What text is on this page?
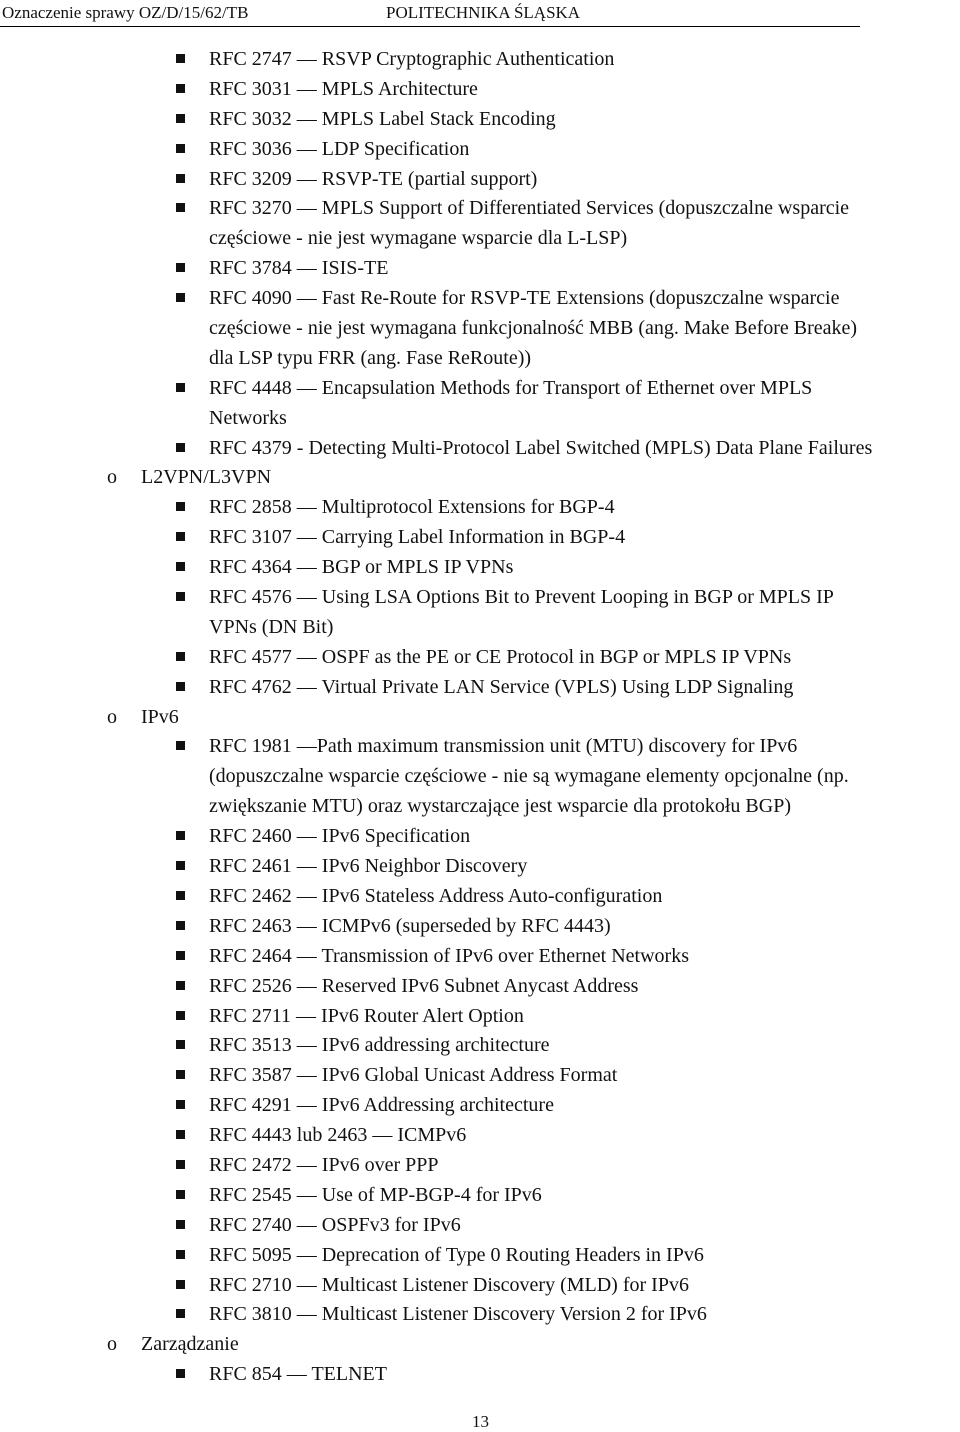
Oznaczenie sprawy OZ/D/15/62/TB	POLITECHNIKA ŚLĄSKA
RFC 2747 — RSVP Cryptographic Authentication
RFC 3031 — MPLS Architecture
RFC 3032 — MPLS Label Stack Encoding
RFC 3036 — LDP Specification
RFC 3209 — RSVP-TE (partial support)
RFC 3270 — MPLS Support of Differentiated Services (dopuszczalne wsparcie
częściowe - nie jest wymagane wsparcie dla L-LSP)
RFC 3784 — ISIS-TE
RFC 4090 — Fast Re-Route for RSVP-TE Extensions (dopuszczalne wsparcie
częściowe - nie jest wymagana funkcjonalność MBB (ang. Make Before Breake)
dla LSP typu FRR (ang. Fase ReRoute))
RFC 4448 — Encapsulation Methods for Transport of Ethernet over MPLS
Networks
RFC 4379 - Detecting Multi-Protocol Label Switched (MPLS) Data Plane Failures
o L2VPN/L3VPN
RFC 2858 — Multiprotocol Extensions for BGP-4
RFC 3107 — Carrying Label Information in BGP-4
RFC 4364 — BGP or MPLS IP VPNs
RFC 4576 — Using LSA Options Bit to Prevent Looping in BGP or MPLS IP
VPNs (DN Bit)
RFC 4577 — OSPF as the PE or CE Protocol in BGP or MPLS IP VPNs
RFC 4762 — Virtual Private LAN Service (VPLS) Using LDP Signaling
o IPv6
RFC 1981 —Path maximum transmission unit (MTU) discovery for IPv6
(dopuszczalne wsparcie częściowe - nie są wymagane elementy opcjonalne (np.
zwiększanie MTU) oraz wystarczające jest wsparcie dla protokołu BGP)
RFC 2460 — IPv6 Specification
RFC 2461 — IPv6 Neighbor Discovery
RFC 2462 — IPv6 Stateless Address Auto-configuration
RFC 2463 — ICMPv6 (superseded by RFC 4443)
RFC 2464 — Transmission of IPv6 over Ethernet Networks
RFC 2526 — Reserved IPv6 Subnet Anycast Address
RFC 2711 — IPv6 Router Alert Option
RFC 3513 — IPv6 addressing architecture
RFC 3587 — IPv6 Global Unicast Address Format
RFC 4291 — IPv6 Addressing architecture
RFC 4443 lub 2463 — ICMPv6
RFC 2472 — IPv6 over PPP
RFC 2545 — Use of MP-BGP-4 for IPv6
RFC 2740 — OSPFv3 for IPv6
RFC 5095 — Deprecation of Type 0 Routing Headers in IPv6
RFC 2710 — Multicast Listener Discovery (MLD) for IPv6
RFC 3810 — Multicast Listener Discovery Version 2 for IPv6
o Zarządzanie
RFC 854 — TELNET
13
